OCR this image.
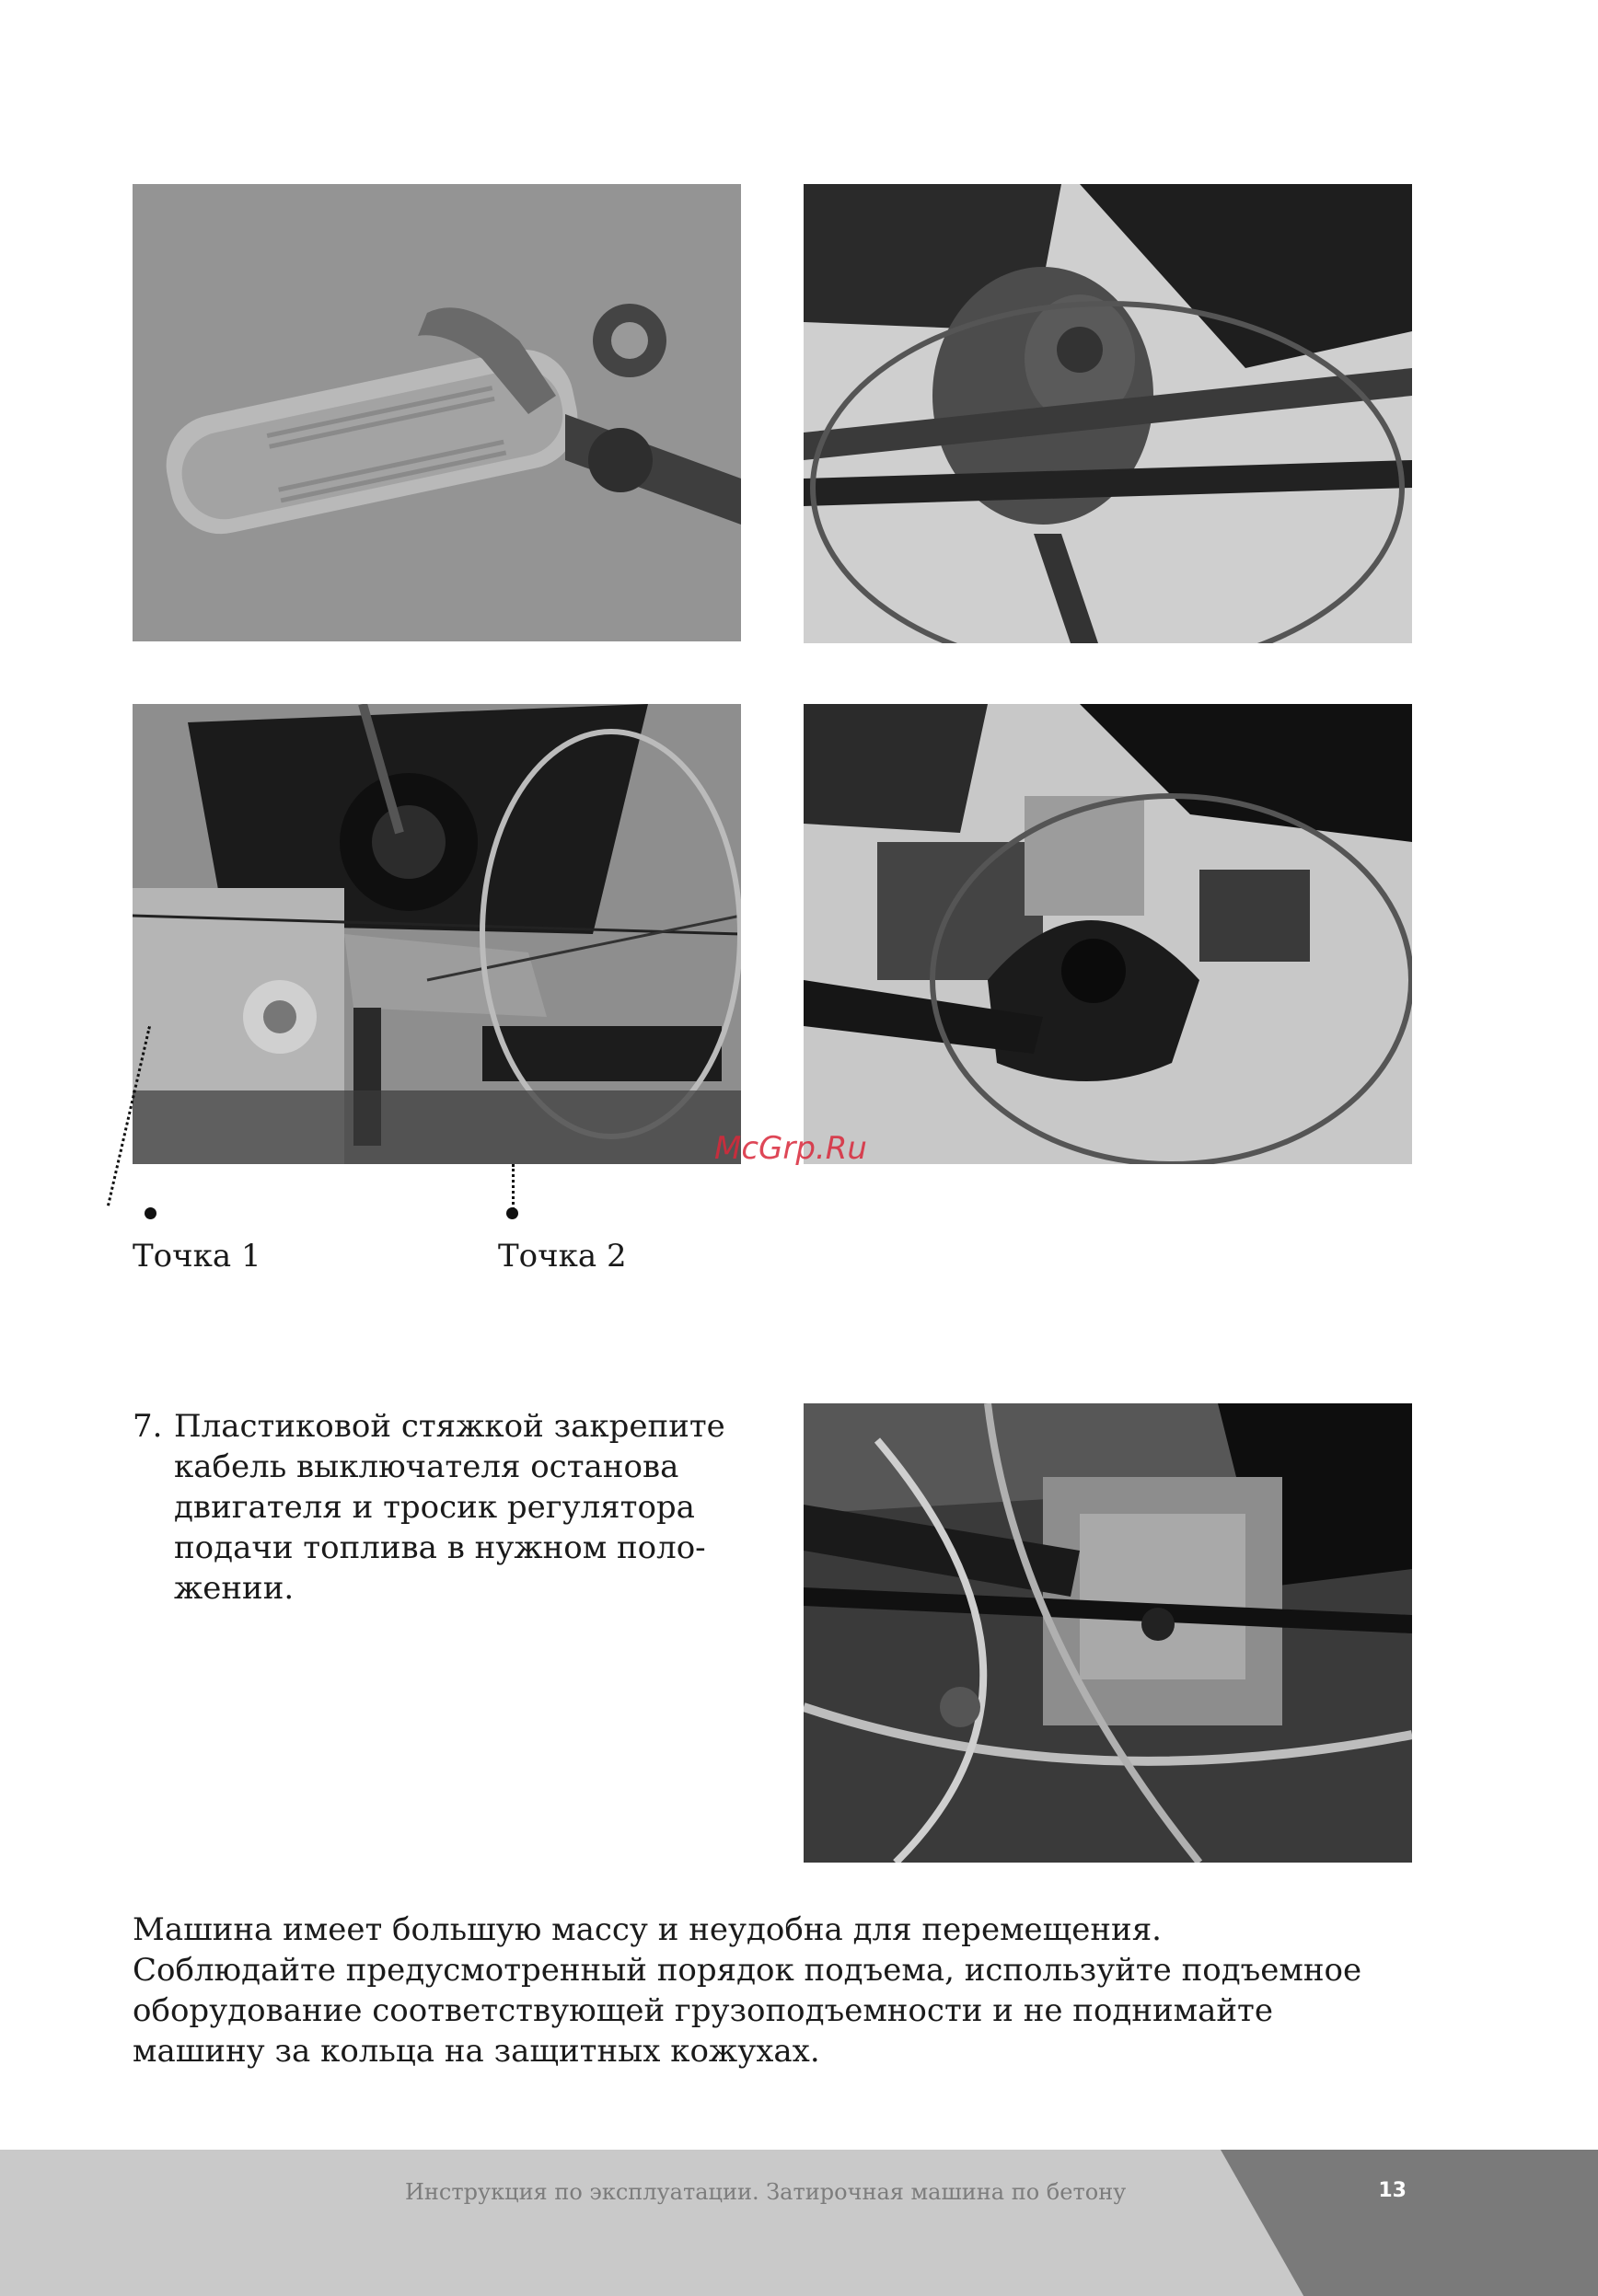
Точка 1	Точка 2
McGrp.Ru
7. Пластиковой стяжкой закрепите
кабель выключателя останова
двигателя и тросик регулятора
подачи топлива в нужном поло-
жении.
Машина имеет большую массу и неудобна для перемещения.
Соблюдайте предусмотренный порядок подъема, используйте подъемное
оборудование соответствующей грузоподъемности и не поднимайте
машину за кольца на защитных кожухах.
Инструкция по эксплуатации. Затирочная машина по бетону	13
